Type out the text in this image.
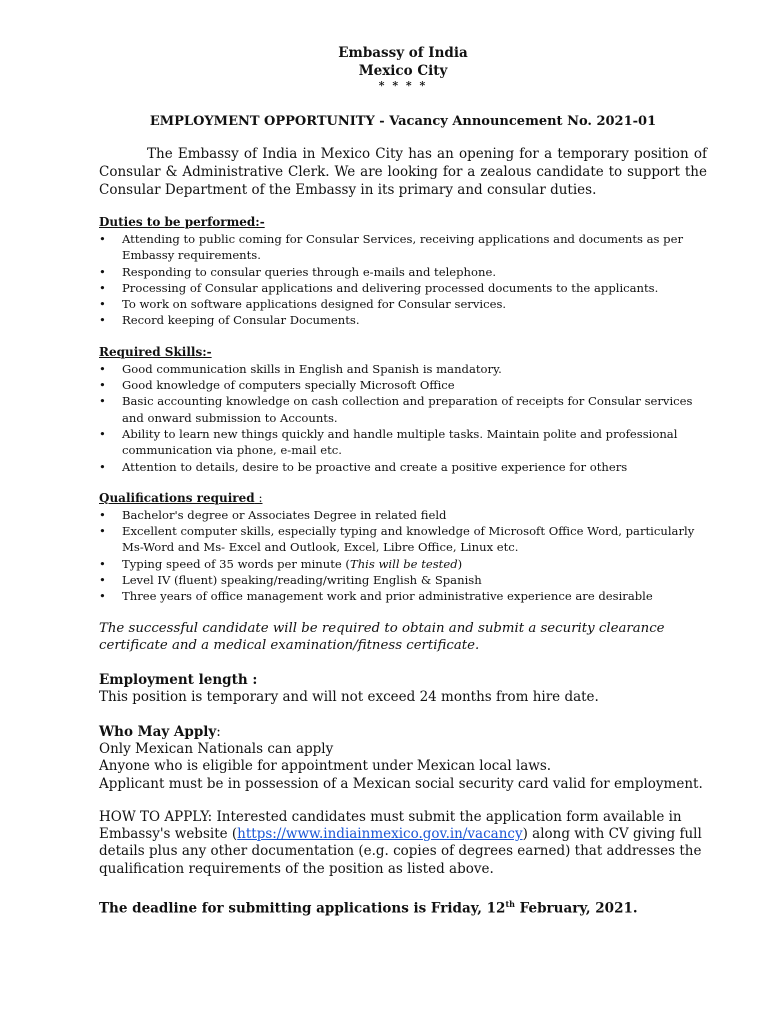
Embassy of India
Mexico City
* * * *
EMPLOYMENT OPPORTUNITY - Vacancy Announcement No. 2021-01
The Embassy of India in Mexico City has an opening for a temporary position of Consular & Administrative Clerk. We are looking for a zealous candidate to support the Consular Department of the Embassy in its primary and consular duties.
Duties to be performed:-
• Attending to public coming for Consular Services, receiving applications and documents as per Embassy requirements.
• Responding to consular queries through e-mails and telephone.
• Processing of Consular applications and delivering processed documents to the applicants.
• To work on software applications designed for Consular services.
• Record keeping of Consular Documents.
Required Skills:-
• Good communication skills in English and Spanish is mandatory.
• Good knowledge of computers specially Microsoft Office
• Basic accounting knowledge on cash collection and preparation of receipts for Consular services and onward submission to Accounts.
• Ability to learn new things quickly and handle multiple tasks. Maintain polite and professional communication via phone, e-mail etc.
• Attention to details, desire to be proactive and create a positive experience for others
Qualifications required :
• Bachelor's degree or Associates Degree in related field
• Excellent computer skills, especially typing and knowledge of Microsoft Office Word, particularly Ms-Word and Ms- Excel and Outlook, Excel, Libre Office, Linux etc.
• Typing speed of 35 words per minute (This will be tested)
• Level IV (fluent) speaking/reading/writing English & Spanish
• Three years of office management work and prior administrative experience are desirable
The successful candidate will be required to obtain and submit a security clearance certificate and a medical examination/fitness certificate.
Employment length :
This position is temporary and will not exceed 24 months from hire date.
Who May Apply:
Only Mexican Nationals can apply
Anyone who is eligible for appointment under Mexican local laws.
Applicant must be in possession of a Mexican social security card valid for employment.
HOW TO APPLY: Interested candidates must submit the application form available in Embassy's website (https://www.indiainmexico.gov.in/vacancy) along with CV giving full details plus any other documentation (e.g. copies of degrees earned) that addresses the qualification requirements of the position as listed above.
The deadline for submitting applications is Friday, 12th February, 2021.
